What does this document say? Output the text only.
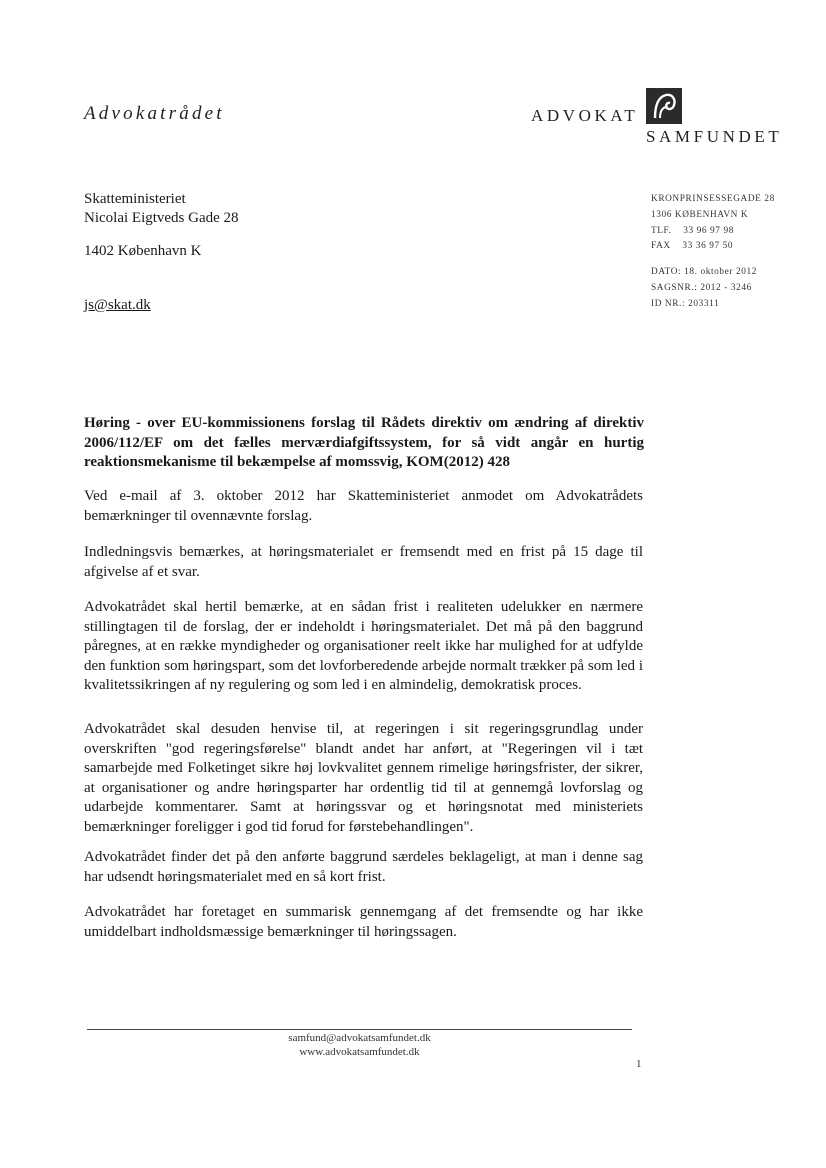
Advokatrådet	ADVOKAT
SAMFUNDET
Skatteministeriet
Nicolai Eigtveds Gade 28
1402 København K
js@skat.dk
KRONPRINSESSEGADE 28
1306 KØBENHAVN K
TLF.    33 96 97 98
FAX    33 36 97 50
DATO: 18. oktober 2012
SAGSNR.: 2012 - 3246
ID NR.: 203311
Høring - over EU-kommissionens forslag til Rådets direktiv om ændring af direktiv 2006/112/EF om det fælles merværdiafgiftssystem, for så vidt angår en hurtig reaktionsmekanisme til bekæmpelse af momssvig, KOM(2012) 428
Ved e-mail af 3. oktober 2012 har Skatteministeriet anmodet om Advokatrådets bemærkninger til ovennævnte forslag.
Indledningsvis bemærkes, at høringsmaterialet er fremsendt med en frist på 15 dage til afgivelse af et svar.
Advokatrådet skal hertil bemærke, at en sådan frist i realiteten udelukker en nærmere stillingtagen til de forslag, der er indeholdt i høringsmaterialet. Det må på den baggrund påregnes, at en række myndigheder og organisationer reelt ikke har mulighed for at udfylde den funktion som høringspart, som det lovforberedende arbejde normalt trækker på som led i kvalitetssikringen af ny regulering og som led i en almindelig, demokratisk proces.
Advokatrådet skal desuden henvise til, at regeringen i sit regeringsgrundlag under overskriften "god regeringsførelse" blandt andet har anført, at "Regeringen vil i tæt samarbejde med Folketinget sikre høj lovkvalitet gennem rimelige høringsfrister, der sikrer, at organisationer og andre høringsparter har ordentlig tid til at gennemgå lovforslag og udarbejde kommentarer. Samt at høringssvar og et høringsnotat med ministeriets bemærkninger foreligger i god tid forud for førstebehandlingen".
Advokatrådet finder det på den anførte baggrund særdeles beklageligt, at man i denne sag har udsendt høringsmaterialet med en så kort frist.
Advokatrådet har foretaget en summarisk gennemgang af det fremsendte og har ikke umiddelbart indholdsmæssige bemærkninger til høringssagen.
samfund@advokatsamfundet.dk
www.advokatsamfundet.dk
1
